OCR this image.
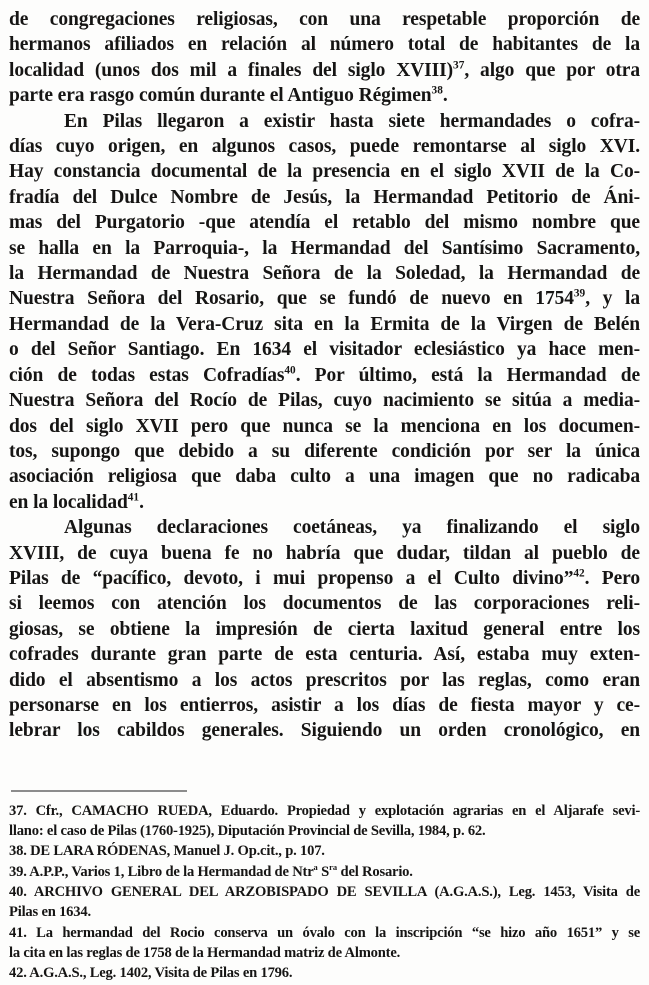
de congregaciones religiosas, con una respetable proporción de
hermanos afiliados en relación al número total de habitantes de la
localidad (unos dos mil a finales del siglo XVIII)$^{37}$, algo que por otra
parte era rasgo común durante el Antiguo Régimen$^{38}$.
En Pilas llegaron a existir hasta siete hermandades o cofra-
días cuyo origen, en algunos casos, puede remontarse al siglo XVI.
Hay constancia documental de la presencia en el siglo XVII de la Co-
fradía del Dulce Nombre de Jesús, la Hermandad Petitorio de Áni-
mas del Purgatorio -que atendía el retablo del mismo nombre que
se halla en la Parroquia-, la Hermandad del Santísimo Sacramento,
la Hermandad de Nuestra Señora de la Soledad, la Hermandad de
Nuestra Señora del Rosario, que se fundó de nuevo en 1754$^{39}$, y la
Hermandad de la Vera-Cruz sita en la Ermita de la Virgen de Belén
o del Señor Santiago. En 1634 el visitador eclesiástico ya hace men-
ción de todas estas Cofradías$^{40}$. Por último, está la Hermandad de
Nuestra Señora del Rocío de Pilas, cuyo nacimiento se sitúa a media-
dos del siglo XVII pero que nunca se la menciona en los documen-
tos, supongo que debido a su diferente condición por ser la única
asociación religiosa que daba culto a una imagen que no radicaba
en la localidad$^{41}$.
Algunas declaraciones coetáneas, ya finalizando el siglo
XVIII, de cuya buena fe no habría que dudar, tildan al pueblo de
Pilas de “pacífico, devoto, i mui propenso a el Culto divino”$^{42}$. Pero
si leemos con atención los documentos de las corporaciones reli-
giosas, se obtiene la impresión de cierta laxitud general entre los
cofrades durante gran parte de esta centuria. Así, estaba muy exten-
dido el absentismo a los actos prescritos por las reglas, como eran
personarse en los entierros, asistir a los días de fiesta mayor y ce-
lebrar los cabildos generales. Siguiendo un orden cronológico, en
37. Cfr., CAMACHO RUEDA, Eduardo. Propiedad y explotación agrarias en el Aljarafe sevi-
llano: el caso de Pilas (1760-1925), Diputación Provincial de Sevilla, 1984, p. 62.
38. DE LARA RÓDENAS, Manuel J. Op.cit., p. 107.
39. A.P.P., Varios 1, Libro de la Hermandad de Ntr$^a$ $S^{ra}$ del Rosario.
40. ARCHIVO GENERAL DEL ARZOBISPADO DE SEVILLA (A.G.A.S.), Leg. 1453, Visita de
Pilas en 1634.
41. La hermandad del Rocio conserva un óvalo con la inscripción “se hizo año 1651” y se
la cita en las reglas de 1758 de la Hermandad matriz de Almonte.
42. A.G.A.S., Leg. 1402, Visita de Pilas en 1796.
